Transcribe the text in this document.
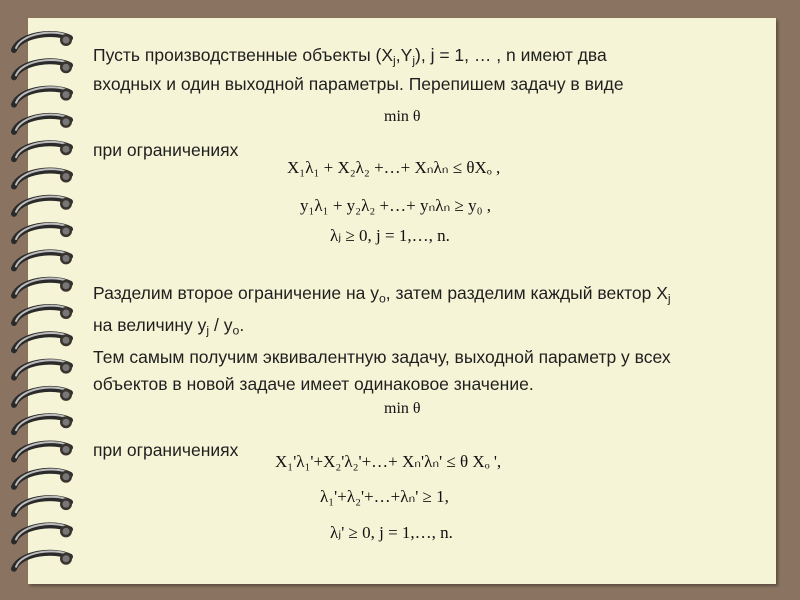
Пусть производственные объекты $(X_j,Y_j)$, j = 1, … , n имеют два
входных и один выходной параметры. Перепишем задачу в виде
min θ
при ограничениях
X₁λ₁ + X₂λ₂ +…+ Xₙλₙ ≤ θXₒ ,
y₁λ₁ + y₂λ₂ +…+ yₙλₙ ≥ y₀ ,
λⱼ ≥ 0, j = 1,…, n.
Разделим второе ограничение на $y_o$, затем разделим каждый вектор $X_j$
на величину $y_j / y_o$.
Тем самым получим эквивалентную задачу, выходной параметр у всех
объектов в новой задаче имеет одинаковое значение.
min θ
при ограничениях
X₁'λ₁'+X₂'λ₂'+…+ Xₙ'λₙ' ≤ θ Xₒ ',
λ₁'+λ₂'+…+λₙ' ≥ 1,
λⱼ' ≥ 0, j = 1,…, n.
